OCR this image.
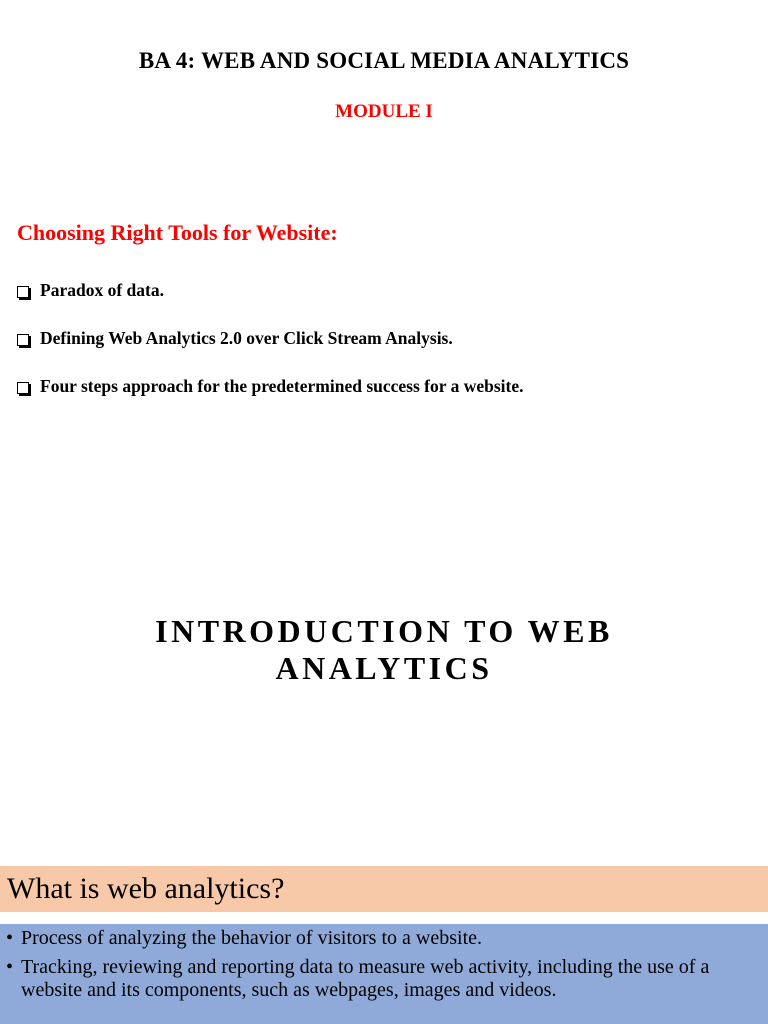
BA 4: WEB AND SOCIAL MEDIA ANALYTICS
MODULE I
Choosing Right Tools for Website:
Paradox of data.
Defining Web Analytics 2.0 over Click Stream Analysis.
Four steps approach for the predetermined success for a website.
INTRODUCTION TO WEB
ANALYTICS
What is web analytics?
• Process of analyzing the behavior of visitors to a website.
• Tracking, reviewing and reporting data to measure web activity, including the use of a website and its components, such as webpages, images and videos.
